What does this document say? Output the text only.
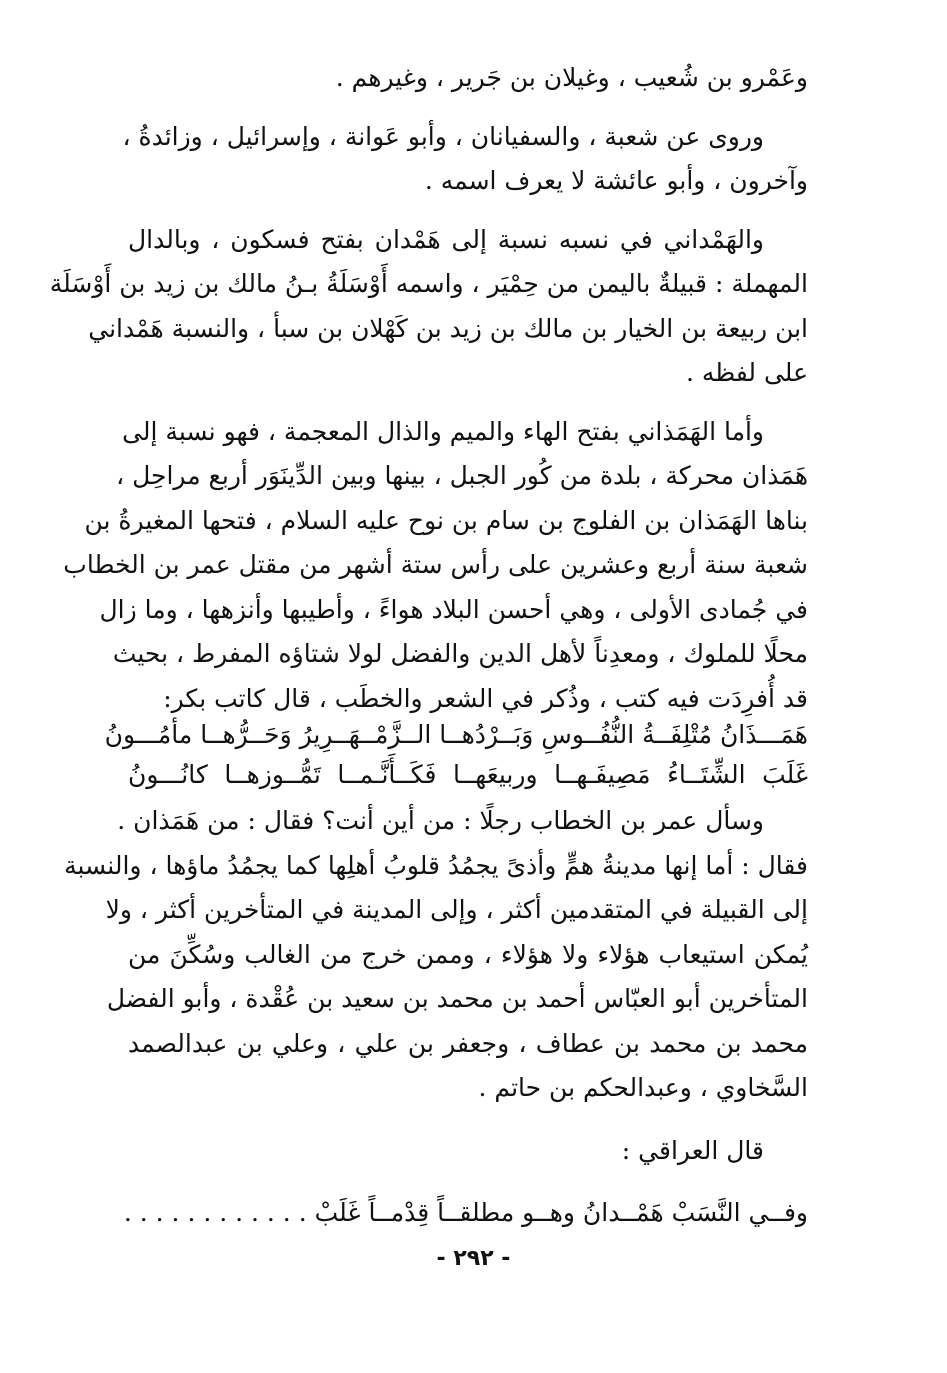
وعَمْرو بن شُعيب ، وغيلان بن جَرير ، وغيرهم .

وروى عن شعبة ، والسفيانان ، وأبو عَوانة ، وإسرائيل ، وزائدةُ ،
وآخرون ، وأبو عائشة لا يعرف اسمه .

والهَمْداني في نسبه نسبة إلى هَمْدان بفتح فسكون ، وبالدال
المهملة : قبيلةٌ باليمن من حِمْيَر ، واسمه أَوْسَلَةُ بـنُ مالك بن زيد بن أَوْسَلَة
ابن ربيعة بن الخيار بن مالك بن زيد بن كَهْلان بن سبأ ، والنسبة هَمْداني
على لفظه .

وأما الهَمَذاني بفتح الهاء والميم والذال المعجمة ، فهو نسبة إلى
هَمَذان محركة ، بلدة من كُور الجبل ، بينها وبين الدِّينَوَر أربع مراحِل ،
بناها الهَمَذان بن الفلوج بن سام بن نوح عليه السلام ، فتحها المغيرةُ بن
شعبة سنة أربع وعشرين على رأس ستة أشهر من مقتل عمر بن الخطاب
في جُمادى الأولى ، وهي أحسن البلاد هواءً ، وأطيبها وأنزهها ، وما زال
محلًا للملوك ، ومعدِناً لأهل الدين والفضل لولا شتاؤه المفرط ، بحيث
قد أُفرِدَت فيه كتب ، وذُكر في الشعر والخطَب ، قال كاتب بكر:

هَمَـــذَانُ مُتْلِفَــةُ النُّفُــوسِ وَبَــرْدُهــا الــزَّمْــهَــرِيرُ وَحَــرُّهــا مأمُـــونُ
غَلَبَ الشِّتَــاءُ مَصِيفَـهــا وربيعَهــا فَكَــأَنَّـمــا تَمُّــوزهــا كانُـــونُ

وسأل عمر بن الخطاب رجلًا : من أين أنت؟ فقال : من هَمَذان .
فقال : أما إنها مدينةُ همٍّ وأذىً يجمُدُ قلوبُ أهلِها كما يجمُدُ ماؤها ، والنسبة
إلى القبيلة في المتقدمين أكثر ، وإلى المدينة في المتأخرين أكثر ، ولا
يُمكن استيعاب هؤلاء ولا هؤلاء ، وممن خرج من الغالب وسُكِّنَ من
المتأخرين أبو العبّاس أحمد بن محمد بن سعيد بن عُقْدة ، وأبو الفضل
محمد بن محمد بن عطاف ، وجعفر بن علي ، وعلي بن عبدالصمد
السَّخاوي ، وعبدالحكم بن حاتم .

قال العراقي :
وفــي النَّسَبْ هَمْــدانُ وهــو مطلقــاً قِدْمــاً غَلَبْ . . . . . . . . . . . .
- ٢٩٢ -
